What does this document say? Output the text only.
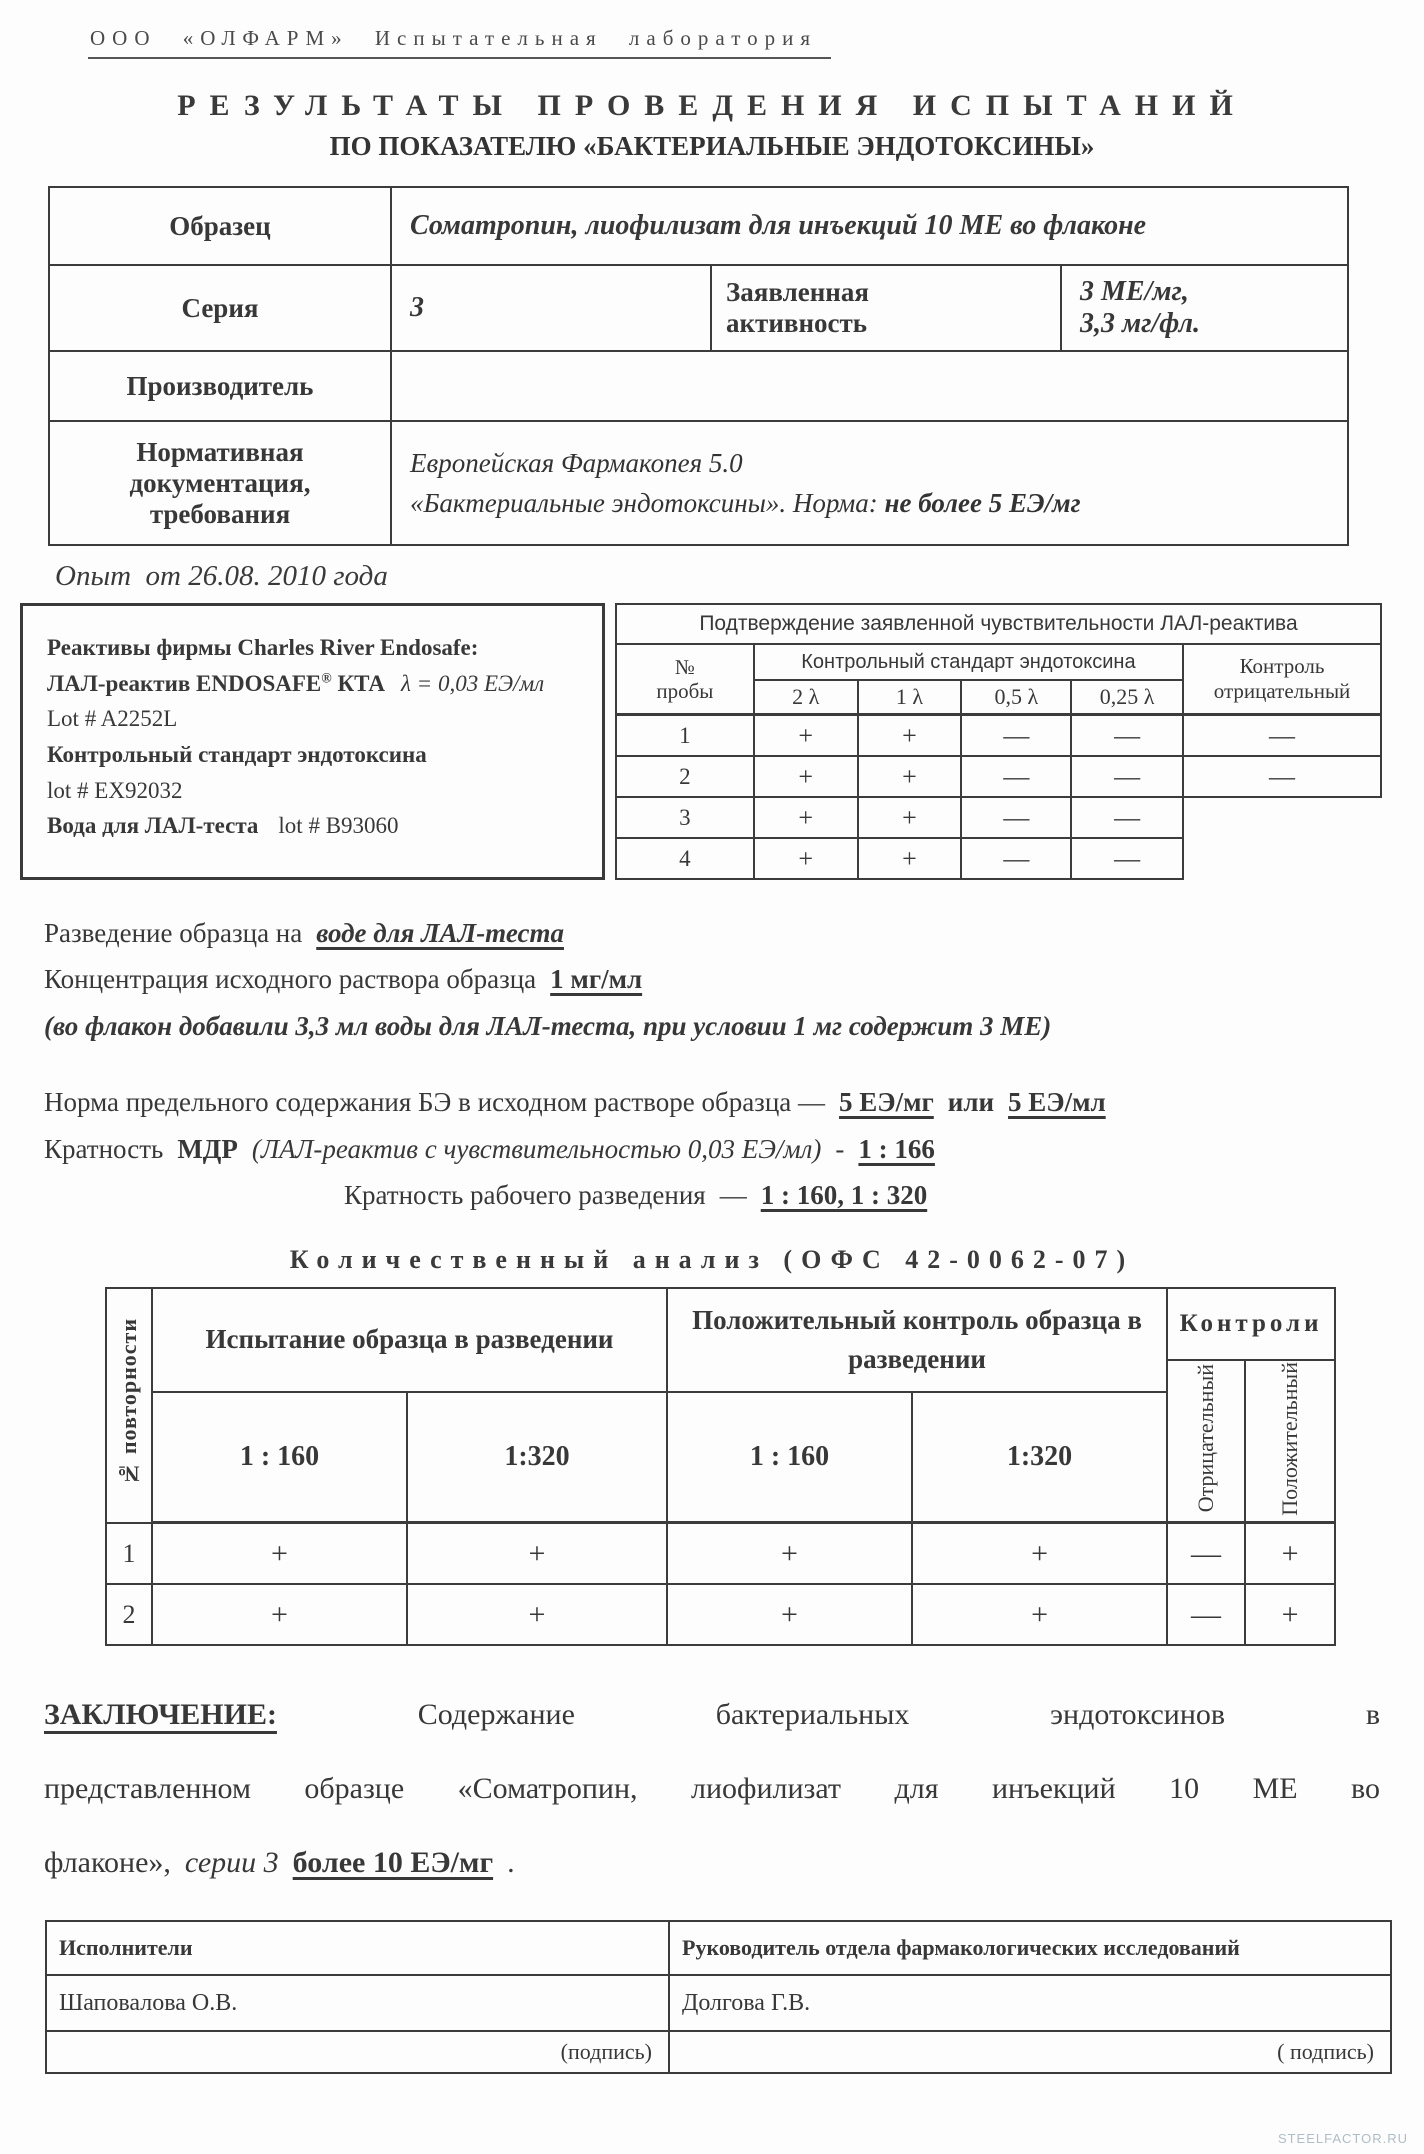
ООО «ОЛФАРМ» Испытательная лаборатория
РЕЗУЛЬТАТЫ ПРОВЕДЕНИЯ ИСПЫТАНИЙ
ПО ПОКАЗАТЕЛЮ «БАКТЕРИАЛЬНЫЕ ЭНДОТОКСИНЫ»
Образец	Соматропин, лиофилизат для инъекций 10 МЕ во флаконе		
Серия	3	Заявленная активность	3 МЕ/мг,
3,3 мг/фл.

Производитель			
Нормативная документация, требования	Европейская Фармакопея 5.0
«Бактериальные эндотоксины». Норма: не более 5 ЕЭ/мг		
Опыт  от 26.08. 2010 года

Реактивы фирмы Charles River Endosafe:

ЛАЛ-реактив ENDOSAFE® КТА λ = 0,03 ЕЭ/мл

Lot # A2252L

Контрольный стандарт эндотоксина

lot # EX92032

Вода для ЛАЛ-теста lot # B93060

Подтверждение заявленной чувствительности ЛАЛ-реактива					

№
пробы	Контрольный стандарт эндотоксина				Контроль отрицательный
	2 λ	1 λ	0,5 λ	0,25 λ	
1	+	+	—	—	—
2	+	+	—	—	—
3	+	+	—	—	
4	+	+	—	—	
Разведение образца на воде для ЛАЛ-теста
Концентрация исходного раствора образца 1 мг/мл
(во флакон добавили 3,3 мл воды для ЛАЛ-теста, при условии 1 мг содержит 3 МЕ)
Норма предельного содержания БЭ в исходном растворе образца — 5 ЕЭ/мг или 5 ЕЭ/мл
Кратность МДР (ЛАЛ-реактив с чувствительностью 0,03 ЕЭ/мл) - 1 : 166
Кратность рабочего разведения — 1 : 160, 1 : 320
Количественный анализ (ОФС 42-0062-07)
№ повторности	Испытание образца в разведении		Положительный контроль образца в разведении		Контроли	
					Отрицательный	Положительный
	1 : 160	1:320	1 : 160	1:320		
1	+	+	+	+	—	+
2	+	+	+	+	—	+
ЗАКЛЮЧЕНИЕ:	Содержание	бактериальных	эндотоксинов	в
представленном образце «Соматропин, лиофилизат для инъекций 10 МЕ во
флаконе», серии 3 более 10 ЕЭ/мг .
Исполнители	Руководитель отдела фармакологических исследований
Шаповалова О.В.	Долгова Г.В.
(подпись)	( подпись)
STEELFACTOR.RU
